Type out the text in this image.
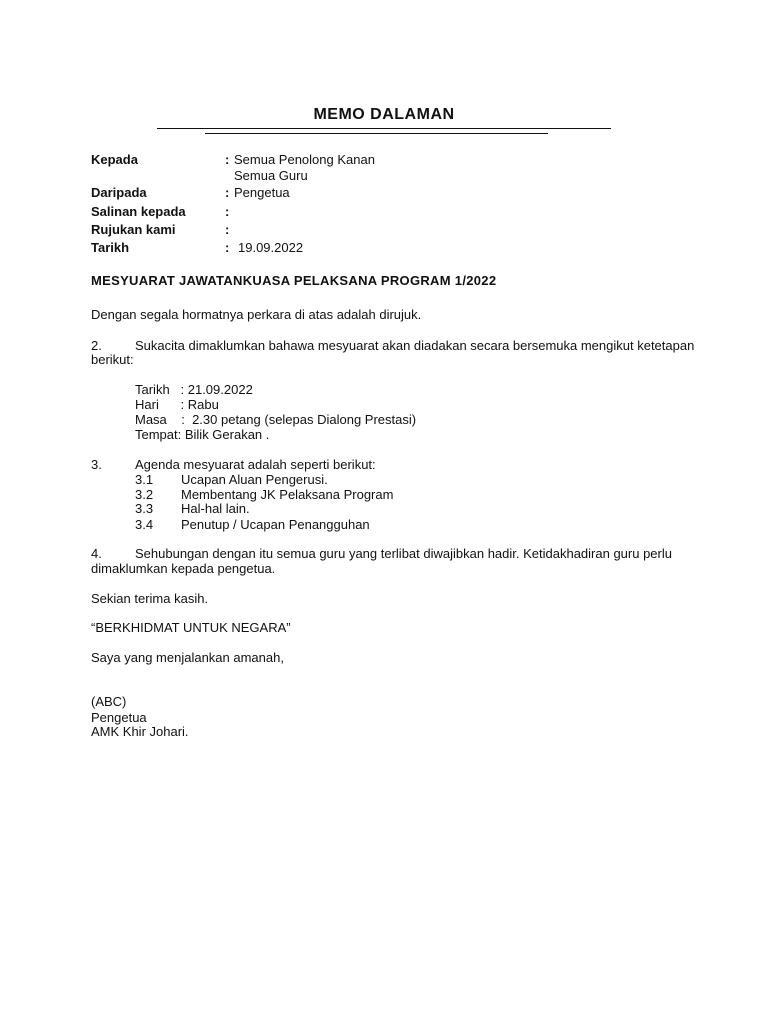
MEMO DALAMAN
Kepada	: Semua Penolong Kanan
Semua Guru
Daripada	: Pengetua
Salinan kepada	:
Rujukan kami	:
Tarikh	: 19.09.2022
MESYUARAT JAWATANKUASA PELAKSANA PROGRAM 1/2022
Dengan segala hormatnya perkara di atas adalah dirujuk.
2.	Sukacita dimaklumkan bahawa mesyuarat akan diadakan secara bersemuka mengikut ketetapan
berikut:
Tarikh   : 21.09.2022
Hari      : Rabu
Masa    :  2.30 petang (selepas Dialong Prestasi)
Tempat: Bilik Gerakan .
3.	Agenda mesyuarat adalah seperti berikut:
3.1 Ucapan Aluan Pengerusi.
3.2 Membentang JK Pelaksana Program
3.3 Hal-hal lain.
3.4 Penutup / Ucapan Penangguhan
4.	Sehubungan dengan itu semua guru yang terlibat diwajibkan hadir. Ketidakhadiran guru perlu
dimaklumkan kepada pengetua.
Sekian terima kasih.
“BERKHIDMAT UNTUK NEGARA”
Saya yang menjalankan amanah,
(ABC)
Pengetua
AMK Khir Johari.
